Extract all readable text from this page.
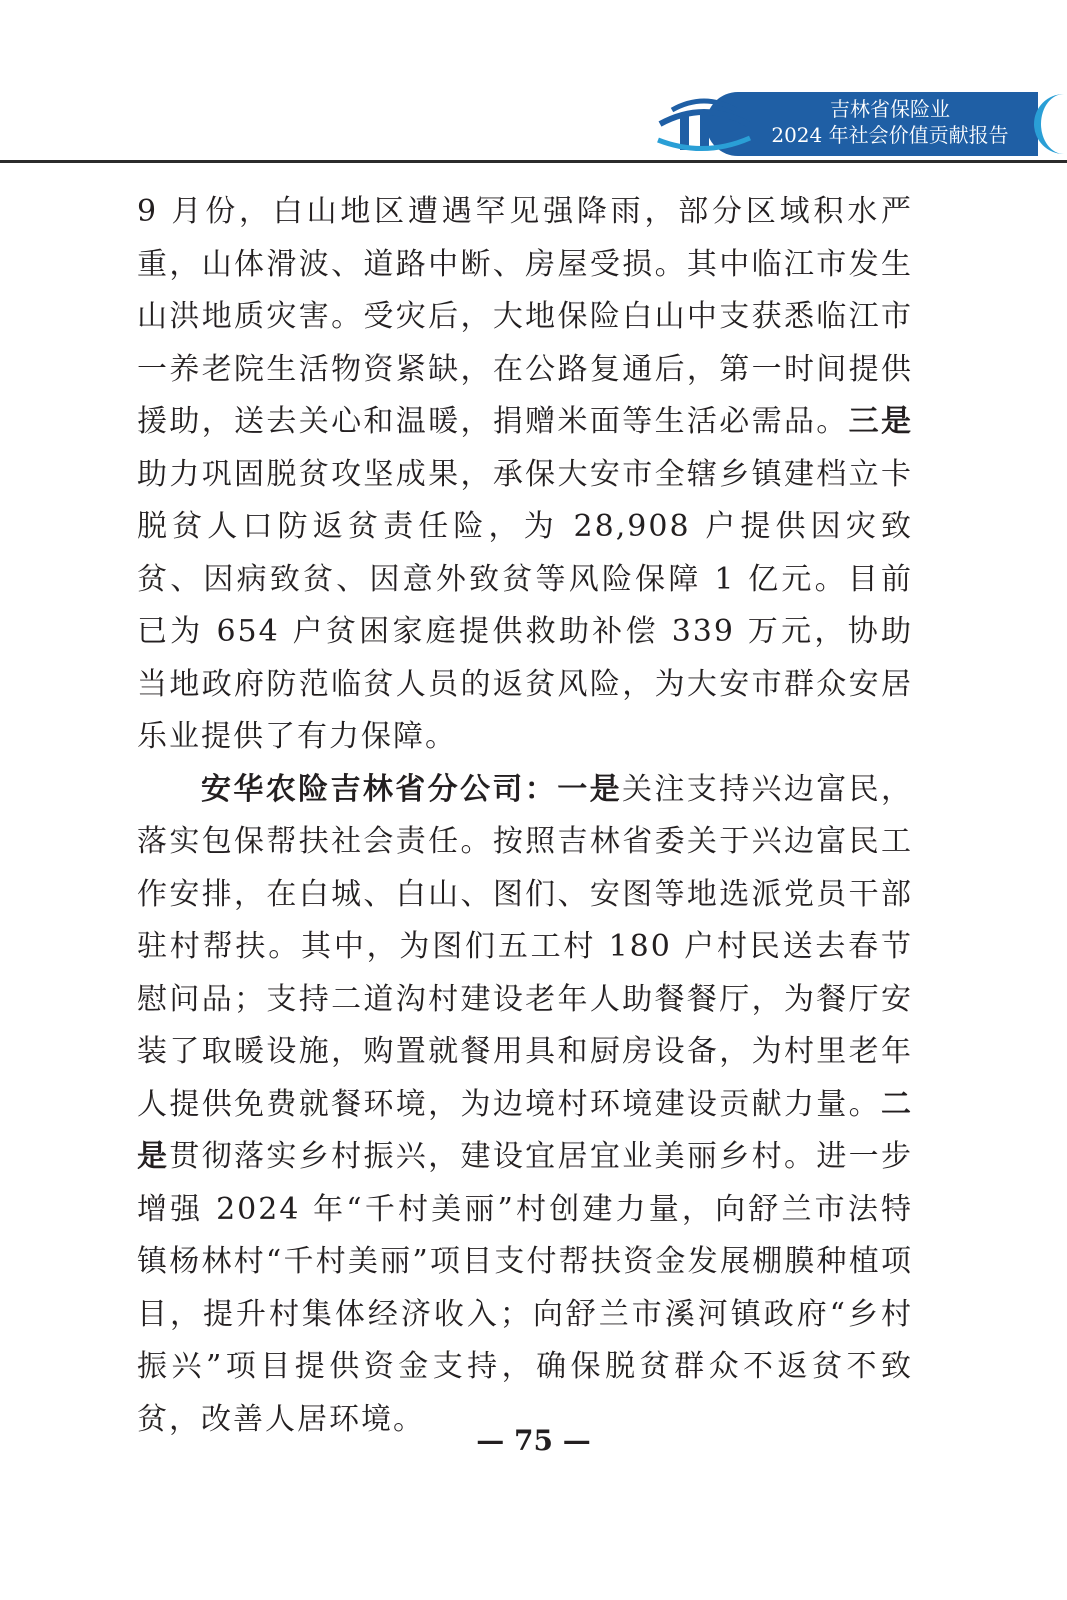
吉林省保险业
2024 年社会价值贡献报告

9 月份，白山地区遭遇罕见强降雨，部分区域积水严重，山体滑波、道路中断、房屋受损。其中临江市发生山洪地质灾害。受灾后，大地保险白山中支获悉临江市一养老院生活物资紧缺，在公路复通后，第一时间提供援助，送去关心和温暖，捐赠米面等生活必需品。三是助力巩固脱贫攻坚成果，承保大安市全辖乡镇建档立卡脱贫人口防返贫责任险，为 28,908 户提供因灾致贫、因病致贫、因意外致贫等风险保障 1 亿元。目前已为 654 户贫困家庭提供救助补偿 339 万元，协助当地政府防范临贫人员的返贫风险，为大安市群众安居乐业提供了有力保障。

安华农险吉林省分公司：一是关注支持兴边富民，落实包保帮扶社会责任。按照吉林省委关于兴边富民工作安排，在白城、白山、图们、安图等地选派党员干部驻村帮扶。其中，为图们五工村 180 户村民送去春节慰问品；支持二道沟村建设老年人助餐餐厅，为餐厅安装了取暖设施，购置就餐用具和厨房设备，为村里老年人提供免费就餐环境，为边境村环境建设贡献力量。二是贯彻落实乡村振兴，建设宜居宜业美丽乡村。进一步增强 2024 年“千村美丽”村创建力量，向舒兰市法特镇杨林村“千村美丽”项目支付帮扶资金发展棚膜种植项目，提升村集体经济收入；向舒兰市溪河镇政府“乡村振兴”项目提供资金支持，确保脱贫群众不返贫不致贫，改善人居环境。

— 75 —
